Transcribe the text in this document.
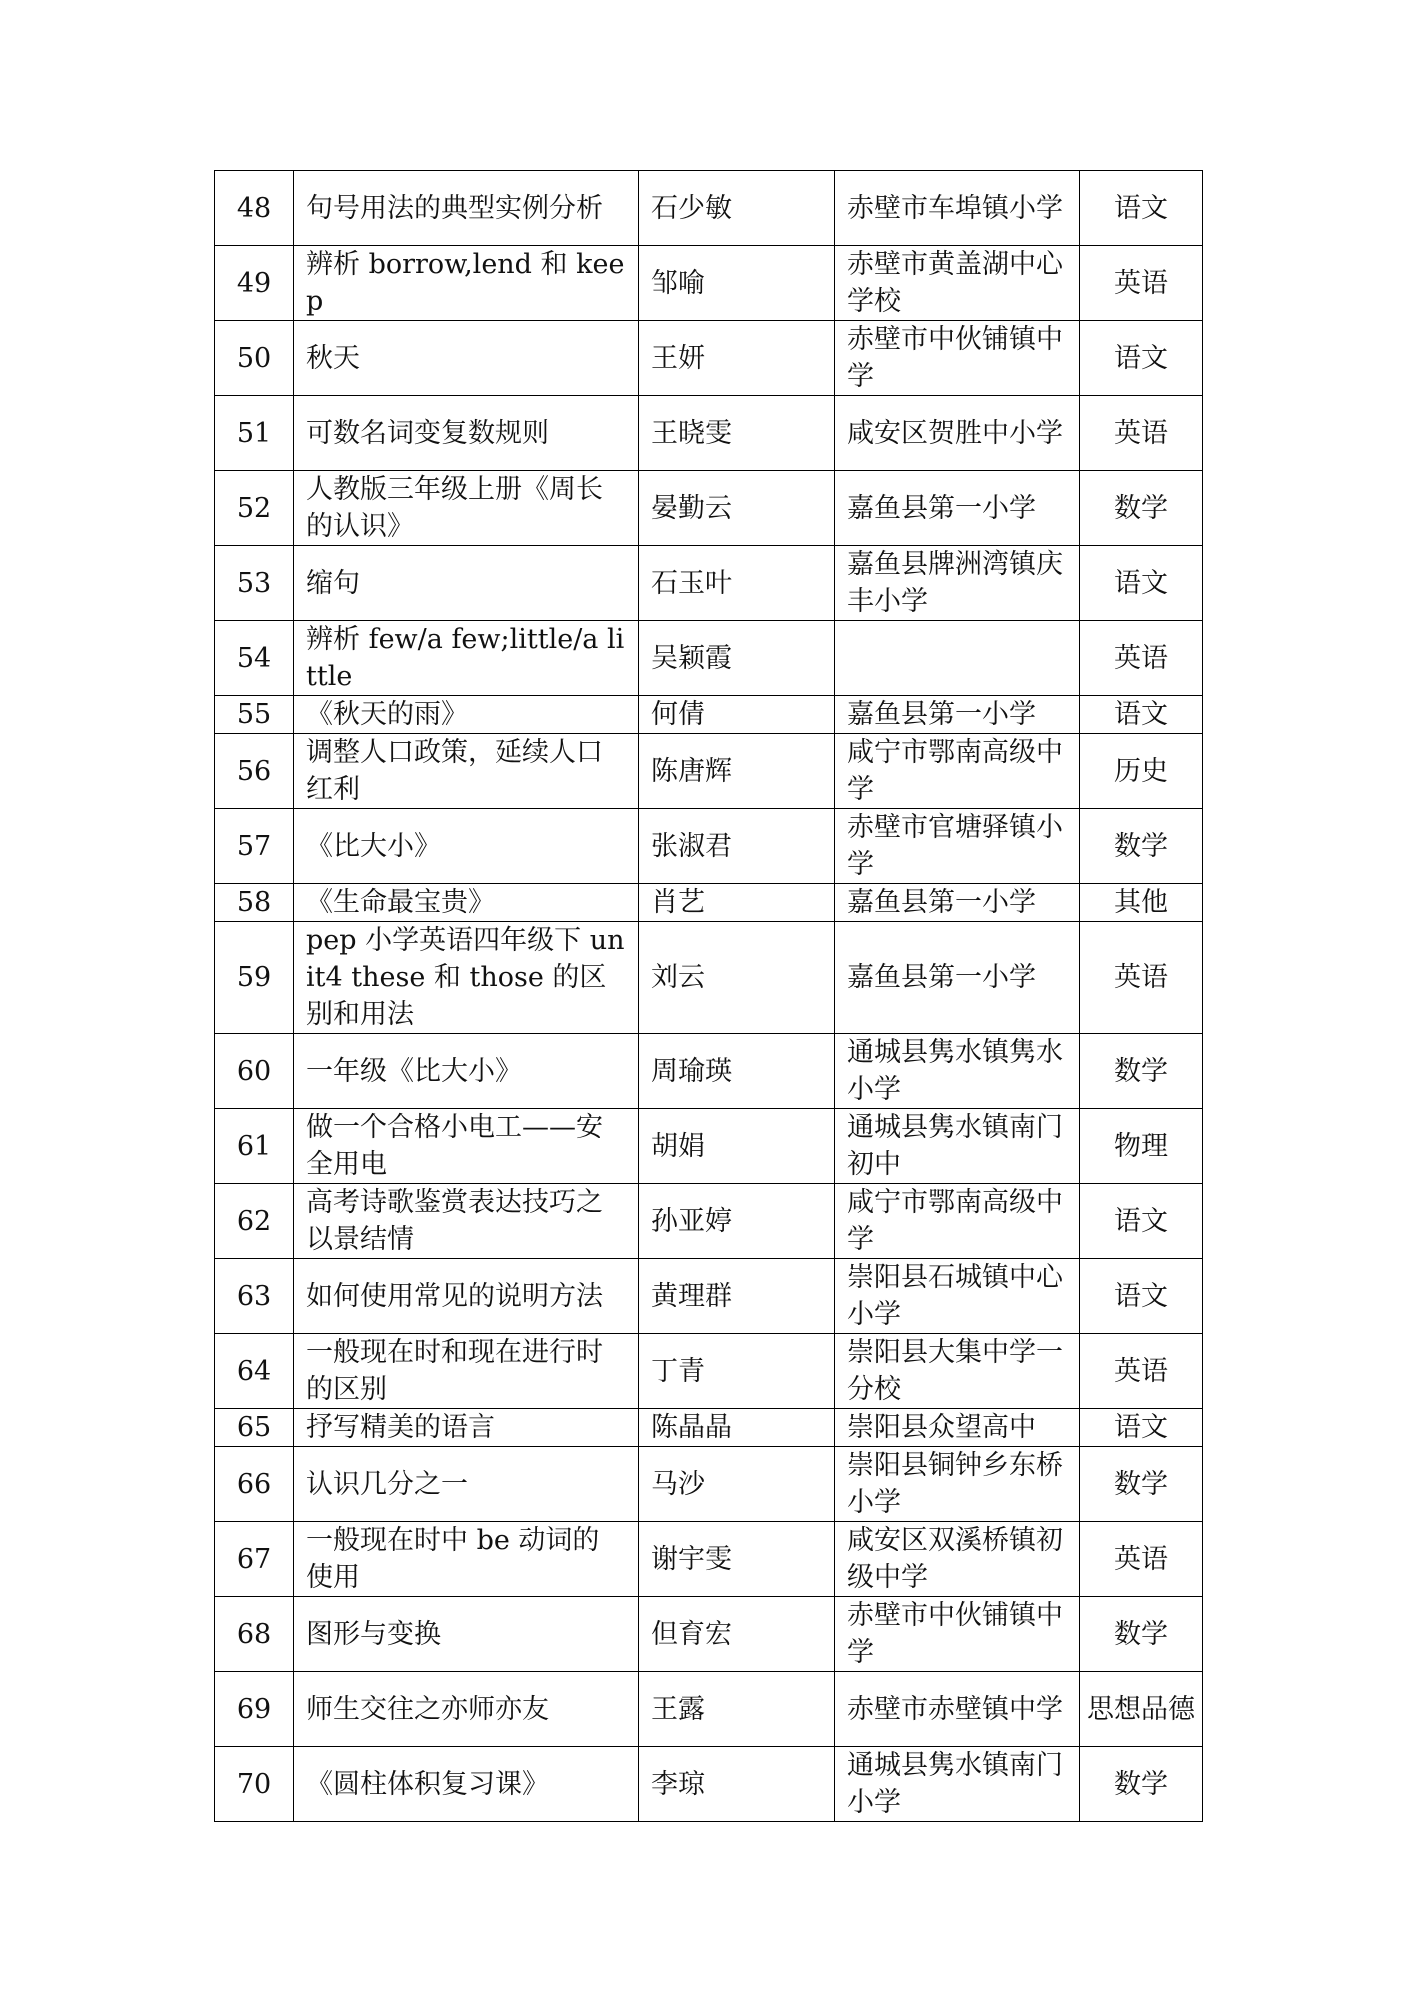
48	句号用法的典型实例分析	石少敏	赤壁市车埠镇小学	语文
49	辨析 borrow,lend 和 keep	邹喻	赤壁市黄盖湖中心学校	英语
50	秋天	王妍	赤壁市中伙铺镇中学	语文
51	可数名词变复数规则	王晓雯	咸安区贺胜中小学	英语
52	人教版三年级上册《周长的认识》	晏勤云	嘉鱼县第一小学	数学
53	缩句	石玉叶	嘉鱼县牌洲湾镇庆丰小学	语文
54	辨析 few/a few;little/a little	吴颖霞		英语
55	《秋天的雨》	何倩	嘉鱼县第一小学	语文
56	调整人口政策，延续人口红利	陈唐辉	咸宁市鄂南高级中学	历史
57	《比大小》	张淑君	赤壁市官塘驿镇小学	数学
58	《生命最宝贵》	肖艺	嘉鱼县第一小学	其他
59	pep 小学英语四年级下 unit4 these 和 those 的区别和用法	刘云	嘉鱼县第一小学	英语
60	一年级《比大小》	周瑜瑛	通城县隽水镇隽水小学	数学
61	做一个合格小电工——安全用电	胡娟	通城县隽水镇南门初中	物理
62	高考诗歌鉴赏表达技巧之以景结情	孙亚婷	咸宁市鄂南高级中学	语文
63	如何使用常见的说明方法	黄理群	崇阳县石城镇中心小学	语文
64	一般现在时和现在进行时的区别	丁青	崇阳县大集中学一分校	英语
65	抒写精美的语言	陈晶晶	崇阳县众望高中	语文
66	认识几分之一	马沙	崇阳县铜钟乡东桥小学	数学
67	一般现在时中 be 动词的使用	谢宇雯	咸安区双溪桥镇初级中学	英语
68	图形与变换	但育宏	赤壁市中伙铺镇中学	数学
69	师生交往之亦师亦友	王露	赤壁市赤壁镇中学	思想品德
70	《圆柱体积复习课》	李琼	通城县隽水镇南门小学	数学
